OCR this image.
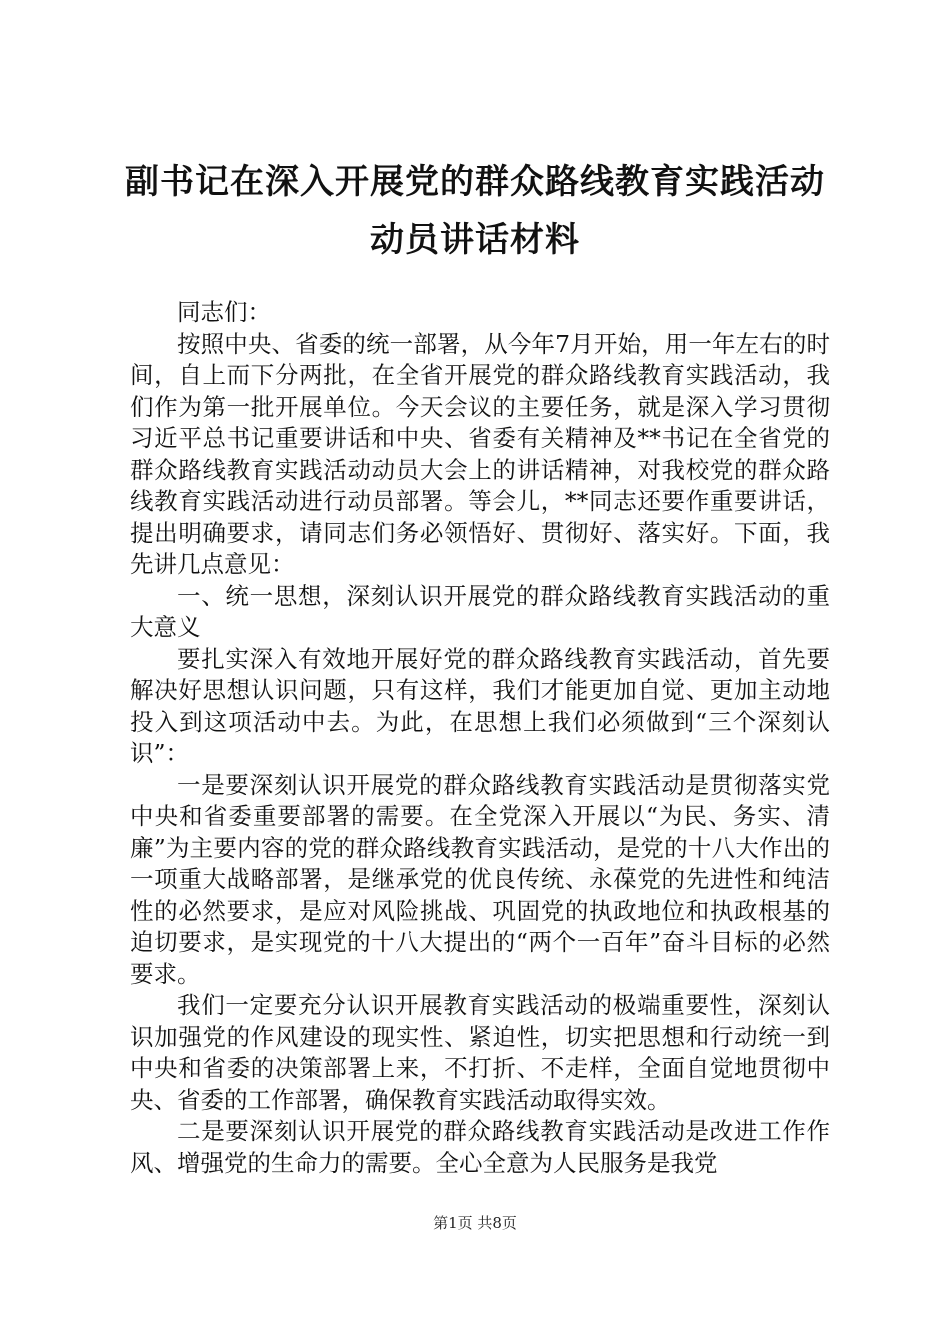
副书记在深入开展党的群众路线教育实践活动
动员讲话材料

同志们：

按照中央、省委的统一部署，从今年7月开始，用一年左右的时间，自上而下分两批，在全省开展党的群众路线教育实践活动，我们作为第一批开展单位。今天会议的主要任务，就是深入学习贯彻习近平总书记重要讲话和中央、省委有关精神及**书记在全省党的群众路线教育实践活动动员大会上的讲话精神，对我校党的群众路线教育实践活动进行动员部署。等会儿，**同志还要作重要讲话，提出明确要求，请同志们务必领悟好、贯彻好、落实好。下面，我先讲几点意见：

一、统一思想，深刻认识开展党的群众路线教育实践活动的重大意义

要扎实深入有效地开展好党的群众路线教育实践活动，首先要解决好思想认识问题，只有这样，我们才能更加自觉、更加主动地投入到这项活动中去。为此，在思想上我们必须做到“三个深刻认识”：

一是要深刻认识开展党的群众路线教育实践活动是贯彻落实党中央和省委重要部署的需要。在全党深入开展以“为民、务实、清廉”为主要内容的党的群众路线教育实践活动，是党的十八大作出的一项重大战略部署，是继承党的优良传统、永葆党的先进性和纯洁性的必然要求，是应对风险挑战、巩固党的执政地位和执政根基的迫切要求，是实现党的十八大提出的“两个一百年”奋斗目标的必然要求。

我们一定要充分认识开展教育实践活动的极端重要性，深刻认识加强党的作风建设的现实性、紧迫性，切实把思想和行动统一到中央和省委的决策部署上来，不打折、不走样，全面自觉地贯彻中央、省委的工作部署，确保教育实践活动取得实效。

二是要深刻认识开展党的群众路线教育实践活动是改进工作作风、增强党的生命力的需要。全心全意为人民服务是我党

第1页 共8页
